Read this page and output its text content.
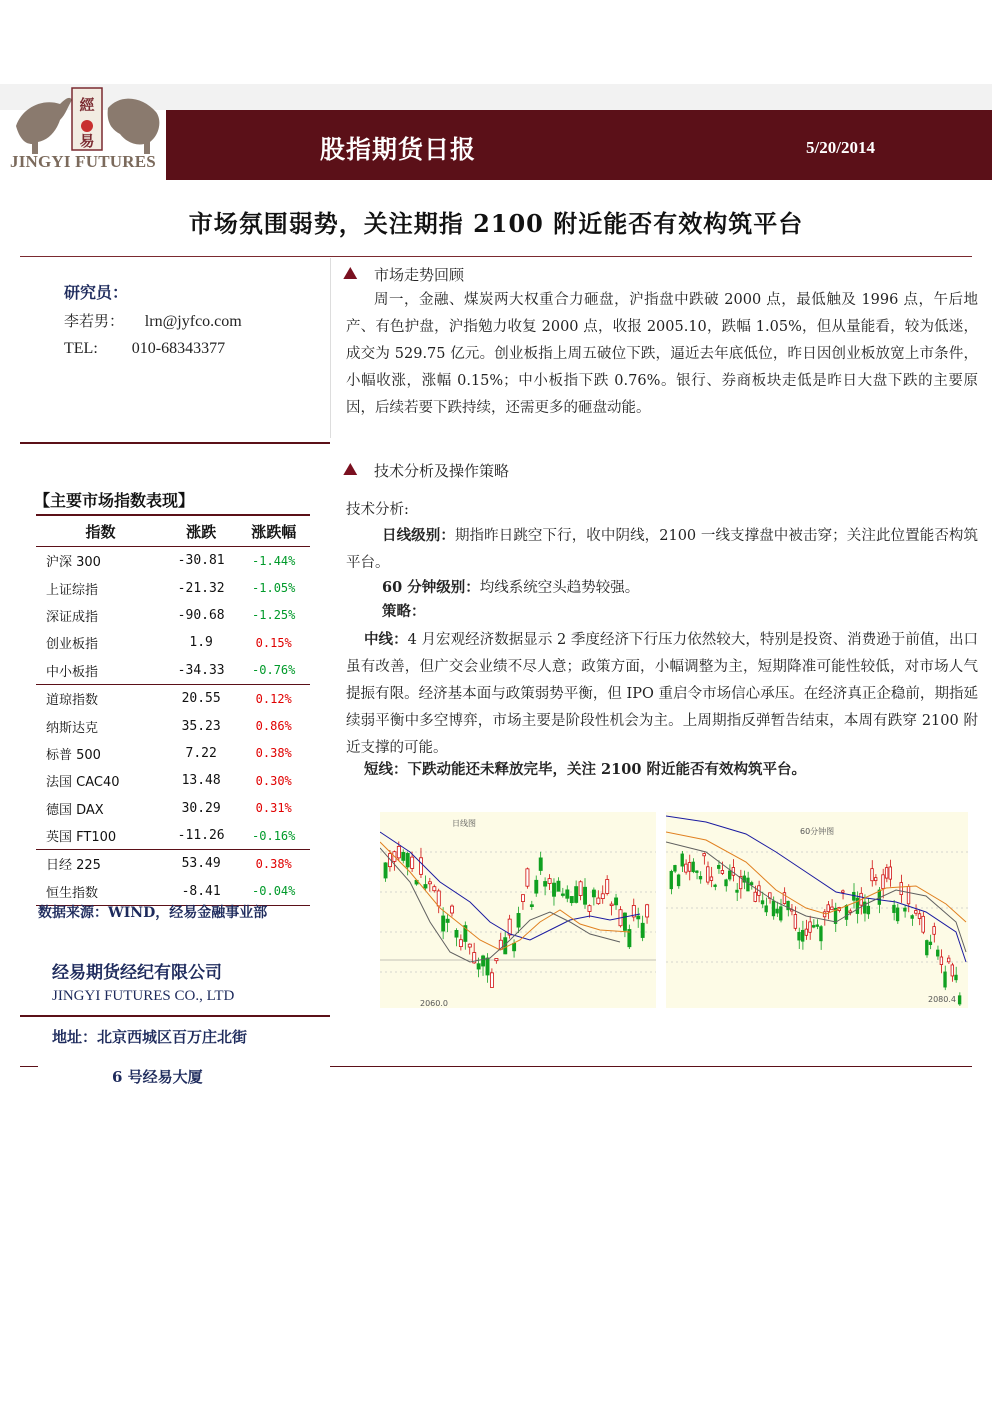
經
易
JINGYI FUTURES	股指期货日报	5/20/2014
市场氛围弱势，关注期指 2100 附近能否有效构筑平台
研究员：
李若男： lrn@jyfco.com
TEL: 010-68343377
【主要市场指数表现】
指数	涨跌	涨跌幅
沪深 300	-30.81	-1.44%
上证综指	-21.32	-1.05%
深证成指	-90.68	-1.25%
创业板指	1.9	0.15%
中小板指	-34.33	-0.76%
道琼指数	20.55	0.12%
纳斯达克	35.23	0.86%
标普 500	7.22	0.38%
法国 CAC40	13.48	0.30%
德国 DAX	30.29	0.31%
英国 FT100	-11.26	-0.16%
日经 225	53.49	0.38%
恒生指数	-8.41	-0.04%
数据来源：WIND，经易金融事业部
经易期货经纪有限公司
JINGYI FUTURES CO., LTD
地址：北京西城区百万庄北街
6 号经易大厦
市场走势回顾
周一，金融、煤炭两大权重合力砸盘，沪指盘中跌破 2000 点，最低触及 1996 点，午后地产、有色护盘，沪指勉力收复 2000 点，收报 2005.10，跌幅 1.05%，但从量能看，较为低迷，成交为 529.75 亿元。创业板指上周五破位下跌，逼近去年底低位，昨日因创业板放宽上市条件，小幅收涨，涨幅 0.15%；中小板指下跌 0.76%。银行、券商板块走低是昨日大盘下跌的主要原因，后续若要下跌持续，还需更多的砸盘动能。
技术分析及操作策略
技术分析:
日线级别：期指昨日跳空下行，收中阴线，2100 一线支撑盘中被击穿；关注此位置能否构筑平台。
60 分钟级别：均线系统空头趋势较强。
策略：
中线：4 月宏观经济数据显示 2 季度经济下行压力依然较大，特别是投资、消费逊于前值，出口虽有改善，但广交会业绩不尽人意；政策方面，小幅调整为主，短期降准可能性较低，对市场人气提振有限。经济基本面与政策弱势平衡，但 IPO 重启令市场信心承压。在经济真正企稳前，期指延续弱平衡中多空博弈，市场主要是阶段性机会为主。上周期指反弹暂告结束，本周有跌穿 2100 附近支撑的可能。
短线：下跌动能还未释放完毕，关注 2100 附近能否有效构筑平台。
日线图
2060.0
60分钟图
2080.4
